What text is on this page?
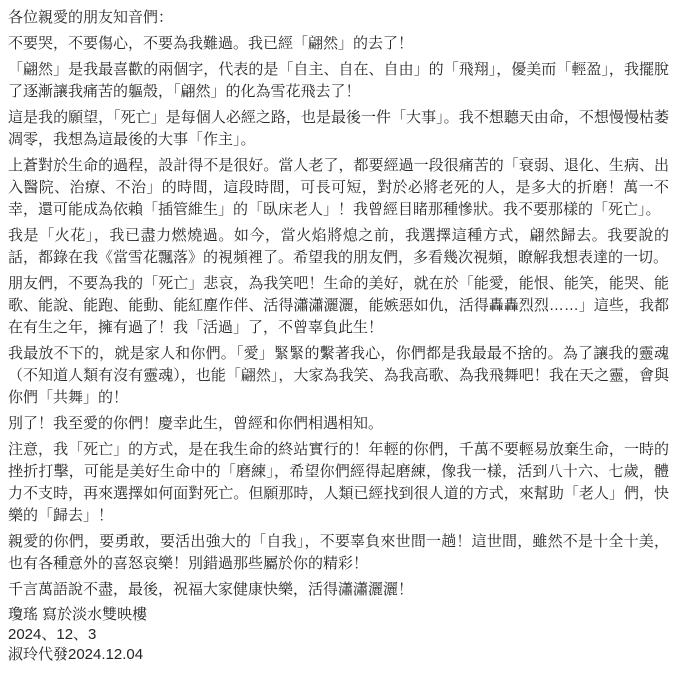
各位親愛的朋友知音們：

不要哭，不要傷心，不要為我難過。我已經「翩然」的去了！

「翩然」是我最喜歡的兩個字，代表的是「自主、自在、自由」的「飛翔」，優美而「輕盈」，我擺脫了逐漸讓我痛苦的軀殼，「翩然」的化為雪花飛去了！

這是我的願望，「死亡」是每個人必經之路，也是最後一件「大事」。我不想聽天由命，不想慢慢枯萎凋零，我想為這最後的大事「作主」。

上蒼對於生命的過程，設計得不是很好。當人老了，都要經過一段很痛苦的「衰弱、退化、生病、出入醫院、治療、不治」的時間，這段時間，可長可短，對於必將老死的人，是多大的折磨！萬一不幸，還可能成為依賴「插管維生」的「臥床老人」！我曾經目睹那種慘狀。我不要那樣的「死亡」。

我是「火花」，我已盡力燃燒過。如今，當火焰將熄之前，我選擇這種方式，翩然歸去。我要說的話，都錄在我《當雪花飄落》的視頻裡了。希望我的朋友們，多看幾次視頻，瞭解我想表達的一切。

朋友們，不要為我的「死亡」悲哀，為我笑吧！生命的美好，就在於「能愛，能恨、能笑，能哭、能歌、能說、能跑、能動、能紅塵作伴、活得瀟瀟灑灑，能嫉惡如仇，活得轟轟烈烈……」這些，我都在有生之年，擁有過了！我「活過」了，不曾辜負此生！

我最放不下的，就是家人和你們。「愛」緊緊的繫著我心，你們都是我最最不捨的。為了讓我的靈魂（不知道人類有沒有靈魂），也能「翩然」，大家為我笑、為我高歌、為我飛舞吧！我在天之靈，會與你們「共舞」的！

別了！我至愛的你們！慶幸此生，曾經和你們相遇相知。

注意，我「死亡」的方式，是在我生命的終站實行的！年輕的你們，千萬不要輕易放棄生命，一時的挫折打擊，可能是美好生命中的「磨練」，希望你們經得起磨練，像我一樣，活到八十六、七歲，體力不支時，再來選擇如何面對死亡。但願那時，人類已經找到很人道的方式，來幫助「老人」們，快樂的「歸去」！

親愛的你們，要勇敢，要活出強大的「自我」，不要辜負來世間一趟！這世間，雖然不是十全十美，也有各種意外的喜怒哀樂！別錯過那些屬於你的精彩！

千言萬語說不盡，最後，祝福大家健康快樂，活得瀟瀟灑灑！

瓊瑤 寫於淡水雙映樓

2024、12、3

淑玲代發2024.12.04
